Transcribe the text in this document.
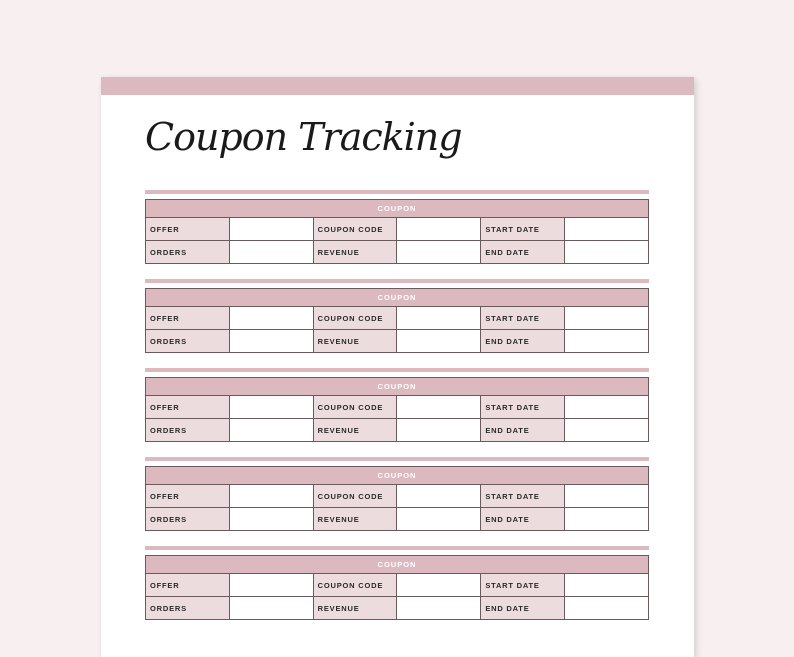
Coupon Tracking
COUPON					
OFFER		COUPON CODE		START DATE	
ORDERS		REVENUE		END DATE	
COUPON					
OFFER		COUPON CODE		START DATE	
ORDERS		REVENUE		END DATE	
COUPON					
OFFER		COUPON CODE		START DATE	
ORDERS		REVENUE		END DATE	
COUPON					
OFFER		COUPON CODE		START DATE	
ORDERS		REVENUE		END DATE	
COUPON					
OFFER		COUPON CODE		START DATE	
ORDERS		REVENUE		END DATE	
